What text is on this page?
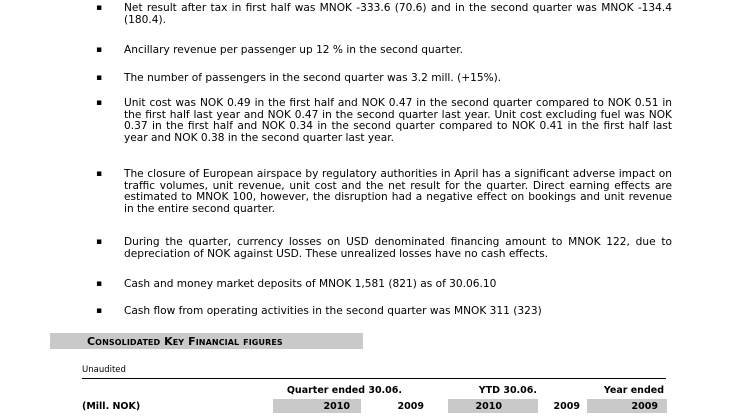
▪ Net result after tax in first half was MNOK -333.6 (70.6) and in the second quarter was MNOK -134.4 (180.4).
▪ Ancillary revenue per passenger up 12 % in the second quarter.
▪ The number of passengers in the second quarter was 3.2 mill. (+15%).
▪ Unit cost was NOK 0.49 in the first half and NOK 0.47 in the second quarter compared to NOK 0.51 in the first half last year and NOK 0.47 in the second quarter last year. Unit cost excluding fuel was NOK 0.37 in the first half and NOK 0.34 in the second quarter compared to NOK 0.41 in the first half last year and NOK 0.38 in the second quarter last year.
▪ The closure of European airspace by regulatory authorities in April has a significant adverse impact on traffic volumes, unit revenue, unit cost and the net result for the quarter. Direct earning effects are estimated to MNOK 100, however, the disruption had a negative effect on bookings and unit revenue in the entire second quarter.
▪ During the quarter, currency losses on USD denominated financing amount to MNOK 122, due to depreciation of NOK against USD. These unrealized losses have no cash effects.
▪ Cash and money market deposits of MNOK 1,581 (821) as of 30.06.10
▪ Cash flow from operating activities in the second quarter was MNOK 311 (323)
Consolidated Key Financial figures
Unaudited
Quarter ended 30.06.	YTD 30.06.	Year ended
(Mill. NOK)	2010	2009	2010	2009	2009
